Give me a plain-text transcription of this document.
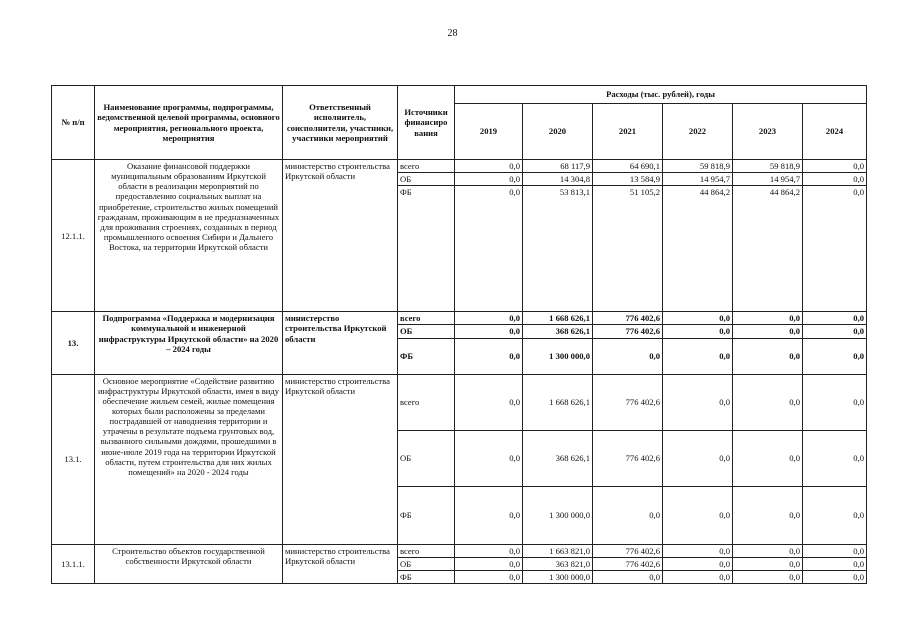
28
№ п/п	Наименование программы, подпрограммы, ведомственной целевой программы, основного мероприятия, регионального проекта, мероприятия	Ответственный исполнитель, соисполнители, участники, участники мероприятий	Источники финансиро вания	Расходы (тыс. рублей), годы					
				2019	2020	2021	2022	2023	2024
12.1.1.	Оказание финансовой поддержки муниципальным образованиям Иркутской области в реализации мероприятий по предоставлению социальных выплат на приобретение, строительство жилых помещений гражданам, проживающим в не предназначенных для проживания строениях, созданных в период промышленного освоения Сибири и Дальнего Востока, на территории Иркутской области	министерство строительства Иркутской области	всего	0,0	68 117,9	64 690,1	59 818,9	59 818,9	0,0
			ОБ	0,0	14 304,8	13 584,9	14 954,7	14 954,7	0,0
			ФБ	0,0	53 813,1	51 105,2	44 864,2	44 864,2	0,0
13.	Подпрограмма «Поддержка и модернизация коммунальной и инженерной инфраструктуры Иркутской области» на 2020 – 2024 годы	министерство строительства Иркутской области	всего	0,0	1 668 626,1	776 402,6	0,0	0,0	0,0
			ОБ	0,0	368 626,1	776 402,6	0,0	0,0	0,0
			ФБ	0,0	1 300 000,0	0,0	0,0	0,0	0,0
13.1.	Основное мероприятие «Содействие развитию инфраструктуры Иркутской области, имея в виду обеспечение жильем семей, жилые помещения которых были расположены за пределами пострадавшей от наводнения территории и утрачены в результате подъема грунтовых вод, вызванного сильными дождями, прошедшими в июне-июле 2019 года на территории Иркутской области, путем строительства для них жилых помещений» на 2020 - 2024 годы	министерство строительства Иркутской области	всего	0,0	1 668 626,1	776 402,6	0,0	0,0	0,0
			ОБ	0,0	368 626,1	776 402,6	0,0	0,0	0,0
			ФБ	0,0	1 300 000,0	0,0	0,0	0,0	0,0
13.1.1.	Строительство объектов государственной собственности Иркутской области	министерство строительства Иркутской области	всего	0,0	1 663 821,0	776 402,6	0,0	0,0	0,0
			ОБ	0,0	363 821,0	776 402,6	0,0	0,0	0,0
			ФБ	0,0	1 300 000,0	0,0	0,0	0,0	0,0
